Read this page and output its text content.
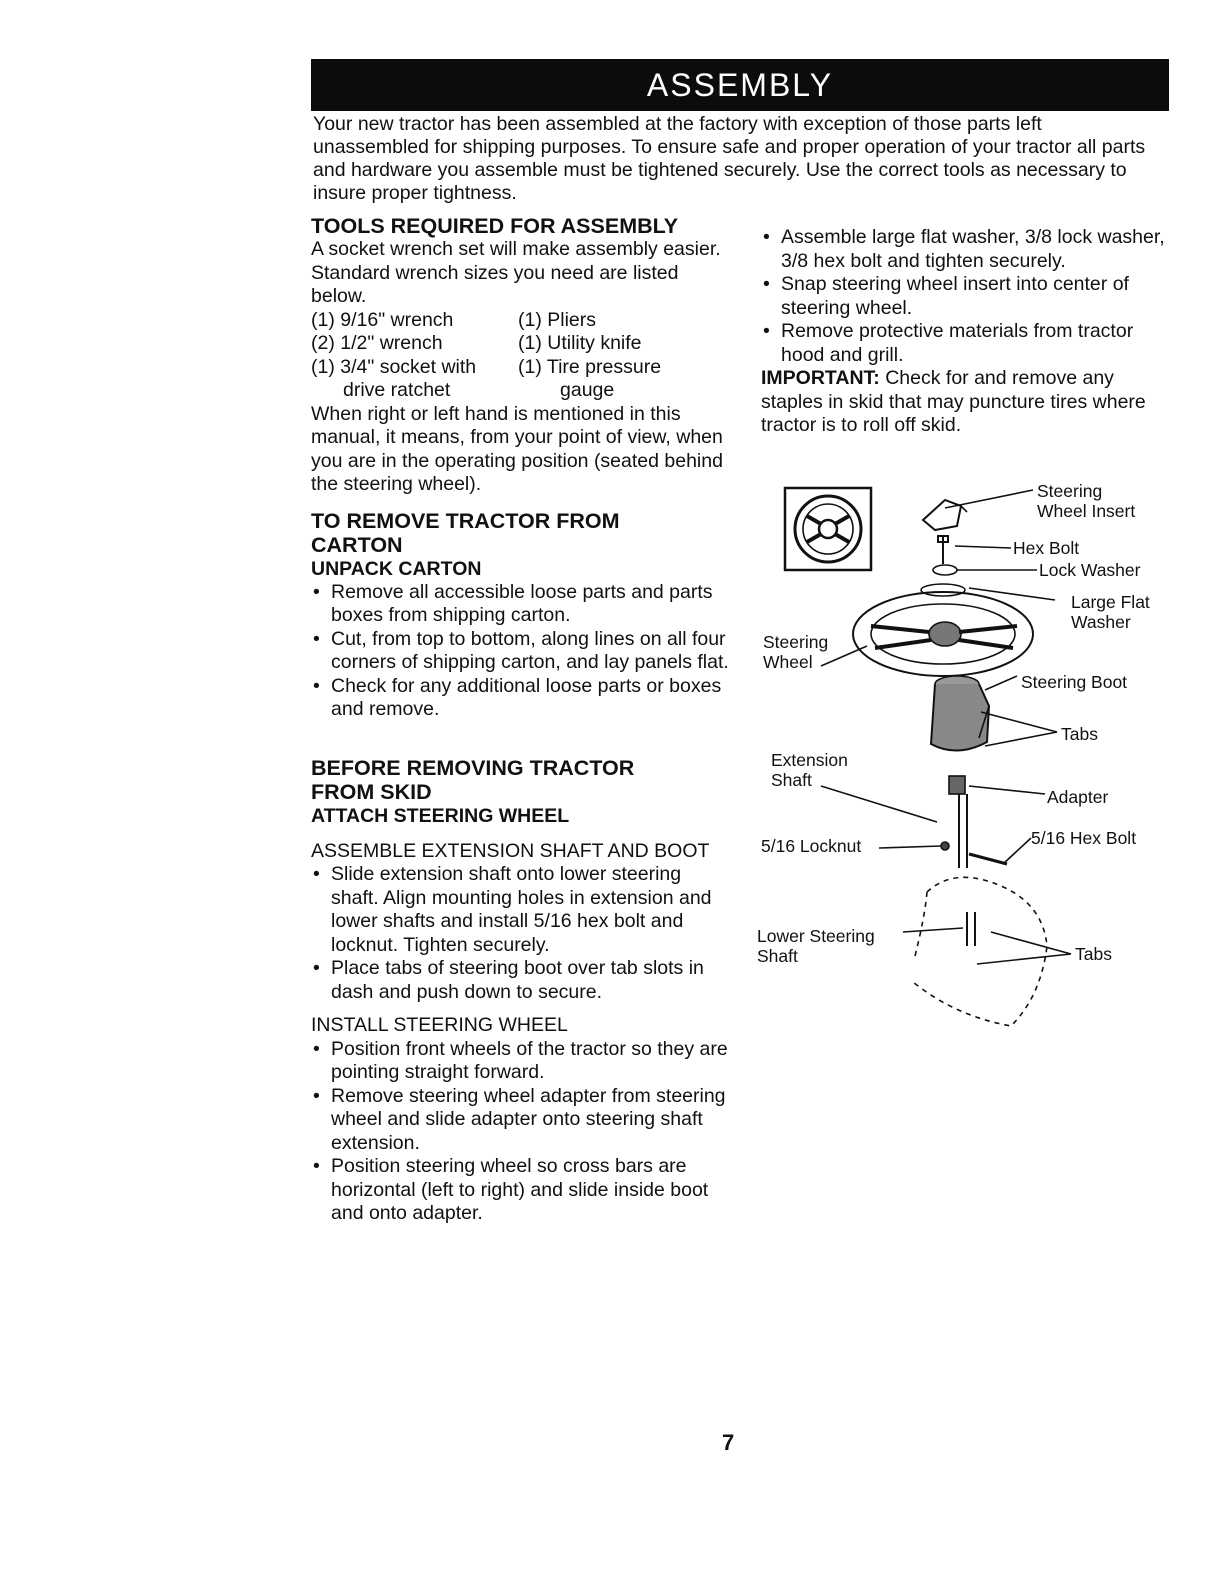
ASSEMBLY

Your new tractor has been assembled at the factory with exception of those parts left unassembled for shipping purposes. To ensure safe and proper operation of your tractor all parts and hardware you assemble must be tightened securely. Use the correct tools as necessary to insure proper tightness.

TOOLS REQUIRED FOR ASSEMBLY

A socket wrench set will make assembly easier. Standard wrench sizes you need are listed below.

(1) 9/16" wrench	(1) Pliers
(2) 1/2" wrench	(1) Utility knife
(1) 3/4" socket with	(1) Tire pressure
drive ratchet	gauge

When right or left hand is mentioned in this manual, it means, from your point of view, when you are in the operating position (seated behind the steering wheel).

TO REMOVE TRACTOR FROM
CARTON
UNPACK CARTON
• Remove all accessible loose parts and parts boxes from shipping carton.
• Cut, from top to bottom, along lines on all four corners of shipping carton, and lay panels flat.
• Check for any additional loose parts or boxes and remove.
BEFORE REMOVING TRACTOR
FROM SKID
ATTACH STEERING WHEEL
ASSEMBLE EXTENSION SHAFT AND BOOT
• Slide extension shaft onto lower steering shaft. Align mounting holes in extension and lower shafts and install 5/16 hex bolt and locknut. Tighten securely.
• Place tabs of steering boot over tab slots in dash and push down to secure.
INSTALL STEERING WHEEL
• Position front wheels of the tractor so they are pointing straight forward.
• Remove steering wheel adapter from steering wheel and slide adapter onto steering shaft extension.
• Position steering wheel so cross bars are horizontal (left to right) and slide inside boot and onto adapter.
• Assemble large flat washer, 3/8 lock washer, 3/8 hex bolt and tighten securely.
• Snap steering wheel insert into center of steering wheel.
• Remove protective materials from tractor hood and grill.

IMPORTANT: Check for and remove any staples in skid that may puncture tires where tractor is to roll off skid.

Steering
Wheel Insert
Hex Bolt
Lock Washer
Large Flat
Washer
Steering
Wheel
Steering Boot
Tabs
Extension
Shaft
Adapter
5/16 Locknut	5/16 Hex Bolt
Lower Steering
Shaft	Tabs
7
